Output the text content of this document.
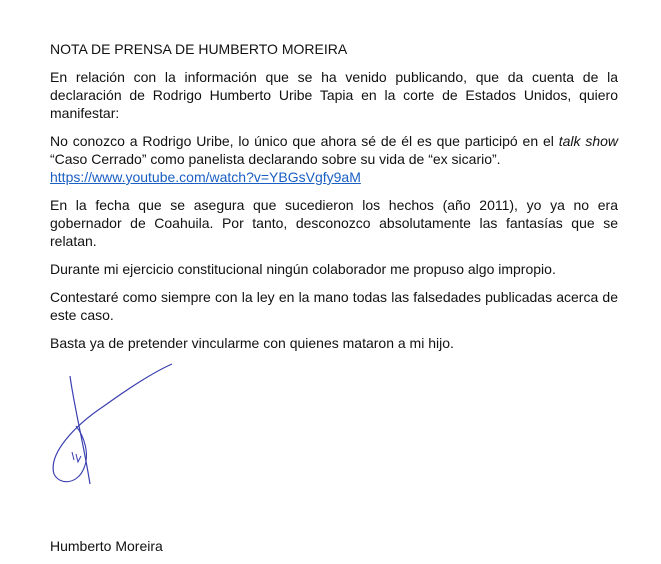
NOTA DE PRENSA DE HUMBERTO MOREIRA

En relación con la información que se ha venido publicando, que da cuenta de la declaración de Rodrigo Humberto Uribe Tapia en la corte de Estados Unidos, quiero manifestar:

No conozco a Rodrigo Uribe, lo único que ahora sé de él es que participó en el talk show “Caso Cerrado” como panelista declarando sobre su vida de “ex sicario”.
https://www.youtube.com/watch?v=YBGsVgfy9aM

En la fecha que se asegura que sucedieron los hechos (año 2011), yo ya no era gobernador de Coahuila. Por tanto, desconozco absolutamente las fantasías que se relatan.

Durante mi ejercicio constitucional ningún colaborador me propuso algo impropio.

Contestaré como siempre con la ley en la mano todas las falsedades publicadas acerca de este caso.

Basta ya de pretender vincularme con quienes mataron a mi hijo.

Humberto Moreira
